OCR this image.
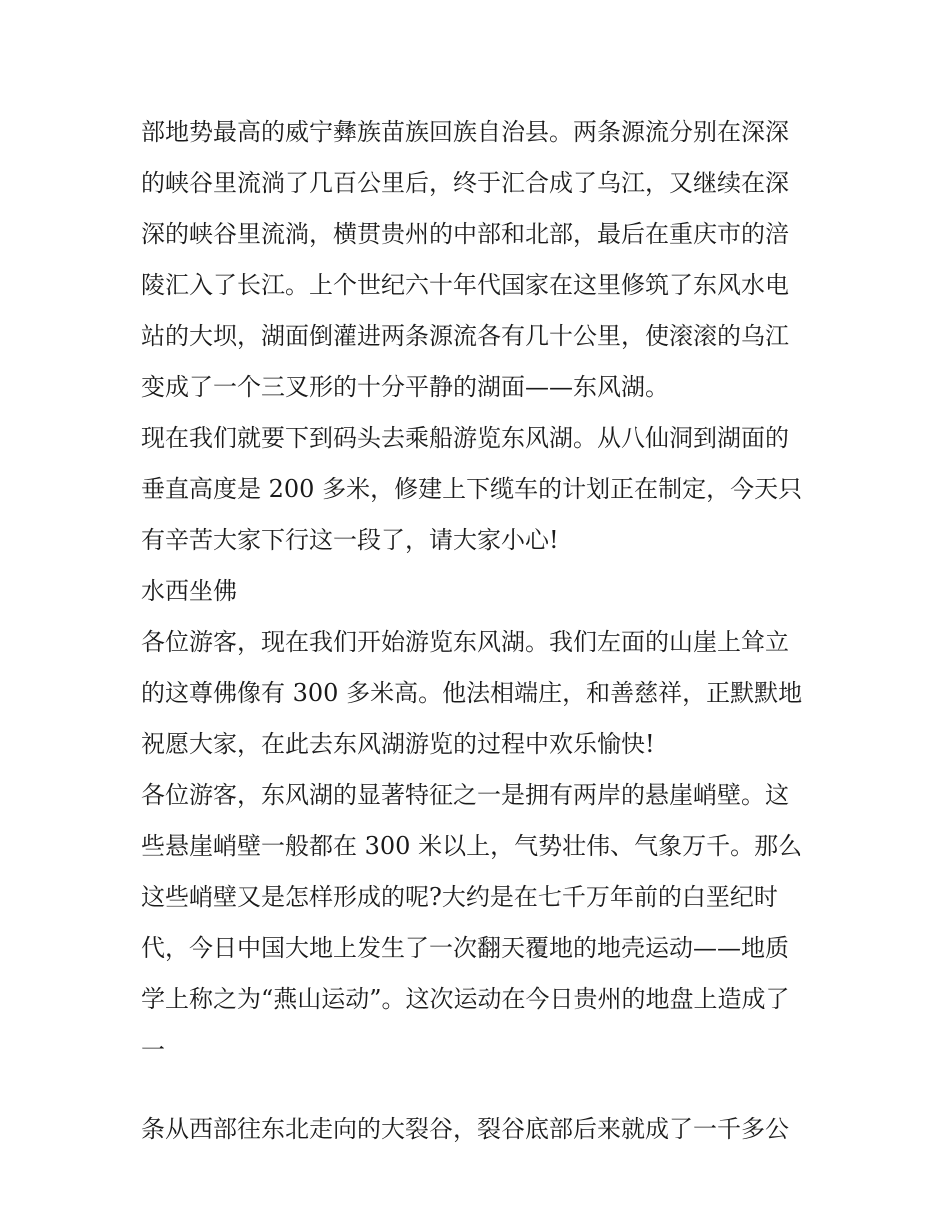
部地势最高的威宁彝族苗族回族自治县。两条源流分别在深深
的峡谷里流淌了几百公里后，终于汇合成了乌江，又继续在深
深的峡谷里流淌，横贯贵州的中部和北部，最后在重庆市的涪
陵汇入了长江。上个世纪六十年代国家在这里修筑了东风水电
站的大坝，湖面倒灌进两条源流各有几十公里，使滚滚的乌江
变成了一个三叉形的十分平静的湖面——东风湖。
现在我们就要下到码头去乘船游览东风湖。从八仙洞到湖面的
垂直高度是 200 多米，修建上下缆车的计划正在制定，今天只
有辛苦大家下行这一段了，请大家小心!
水西坐佛
各位游客，现在我们开始游览东风湖。我们左面的山崖上耸立
的这尊佛像有 300 多米高。他法相端庄，和善慈祥，正默默地
祝愿大家，在此去东风湖游览的过程中欢乐愉快!
各位游客，东风湖的显著特征之一是拥有两岸的悬崖峭壁。这
些悬崖峭壁一般都在 300 米以上，气势壮伟、气象万千。那么
这些峭壁又是怎样形成的呢?大约是在七千万年前的白垩纪时
代，今日中国大地上发生了一次翻天覆地的地壳运动——地质
学上称之为“燕山运动”。这次运动在今日贵州的地盘上造成了
一
条从西部往东北走向的大裂谷，裂谷底部后来就成了一千多公
